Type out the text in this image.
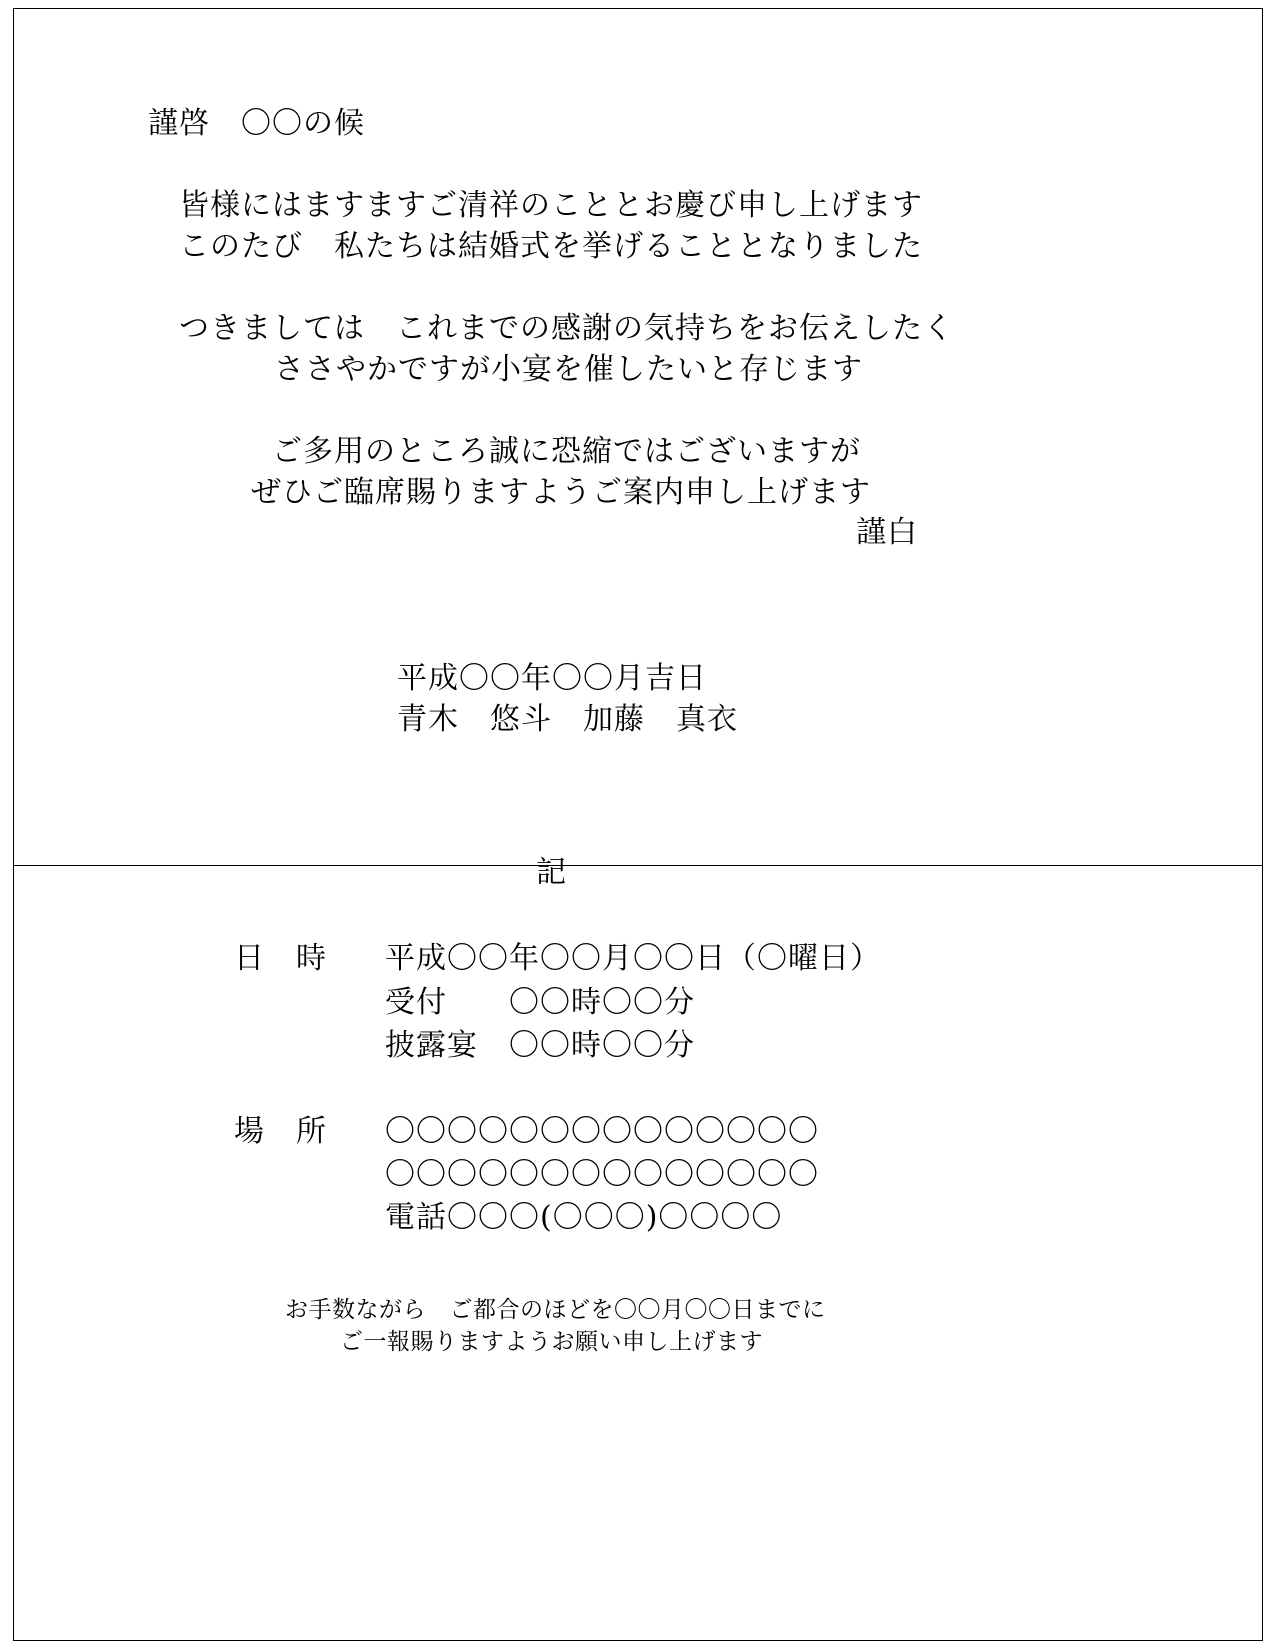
謹啓　〇〇の候
皆様にはますますご清祥のこととお慶び申し上げます
このたび　私たちは結婚式を挙げることとなりました
つきましては　これまでの感謝の気持ちをお伝えしたく
ささやかですが小宴を催したいと存じます
ご多用のところ誠に恐縮ではございますが
ぜひご臨席賜りますようご案内申し上げます
謹白
平成〇〇年〇〇月吉日
青木　悠斗　加藤　真衣
記
日　時 平成〇〇年〇〇月〇〇日（〇曜日）
受付 〇〇時〇〇分
披露宴 〇〇時〇〇分
場　所 〇〇〇〇〇〇〇〇〇〇〇〇〇〇
〇〇〇〇〇〇〇〇〇〇〇〇〇〇
電話〇〇〇(〇〇〇)〇〇〇〇
お手数ながら　ご都合のほどを〇〇月〇〇日までに
ご一報賜りますようお願い申し上げます
